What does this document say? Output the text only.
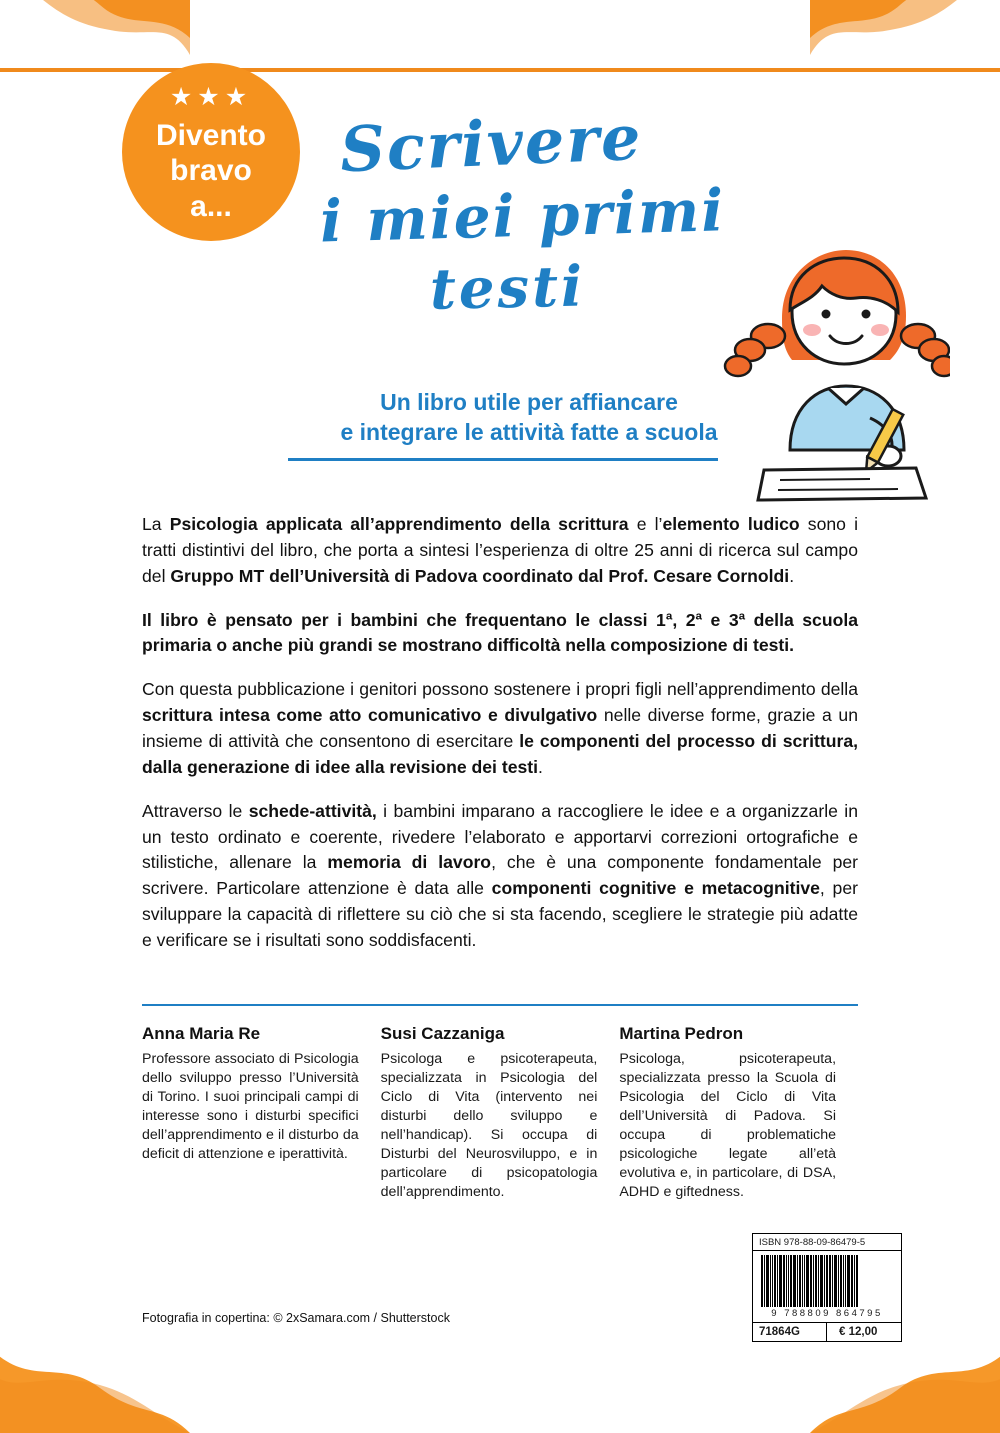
★★★
Divento
bravo
a...
Scrivere
i miei primi
testi
Un libro utile per affiancare
e integrare le attività fatte a scuola

La Psicologia applicata all’apprendimento della scrittura e l’elemento ludico sono i tratti distintivi del libro, che porta a sintesi l’esperienza di oltre 25 anni di ricerca sul campo del Gruppo MT dell’Università di Padova coordinato dal Prof. Cesare Cornoldi.

Il libro è pensato per i bambini che frequentano le classi 1ª, 2ª e 3ª della scuola primaria o anche più grandi se mostrano difficoltà nella composizione di testi.

Con questa pubblicazione i genitori possono sostenere i propri figli nell’apprendimento della scrittura intesa come atto comunicativo e divulgativo nelle diverse forme, grazie a un insieme di attività che consentono di esercitare le componenti del processo di scrittura, dalla generazione di idee alla revisione dei testi.

Attraverso le schede-attività, i bambini imparano a raccogliere le idee e a organizzarle in un testo ordinato e coerente, rivedere l’elaborato e apportarvi correzioni ortografiche e stilistiche, allenare la memoria di lavoro, che è una componente fondamentale per scrivere. Particolare attenzione è data alle componenti cognitive e metacognitive, per sviluppare la capacità di riflettere su ciò che si sta facendo, scegliere le strategie più adatte e verificare se i risultati sono soddisfacenti.

Anna Maria Re
Professore associato di Psicologia dello sviluppo presso l’Università di Torino. I suoi principali campi di interesse sono i disturbi specifici dell’apprendimento e il disturbo da deficit di attenzione e iperattività.
Susi Cazzaniga
Psicologa e psicoterapeuta, specializzata in Psicologia del Ciclo di Vita (intervento nei disturbi dello sviluppo e nell’handicap). Si occupa di Disturbi del Neurosviluppo, e in particolare di psicopatologia dell’apprendimento.
Martina Pedron
Psicologa, psicoterapeuta, specializzata presso la Scuola di Psicologia del Ciclo di Vita dell’Università di Padova. Si occupa di problematiche psicologiche legate all’età evolutiva e, in particolare, di DSA, ADHD e giftedness.
ISBN 978-88-09-86479-5
9 788809 864795
71864G	€ 12,00
Fotografia in copertina: © 2xSamara.com / Shutterstock
